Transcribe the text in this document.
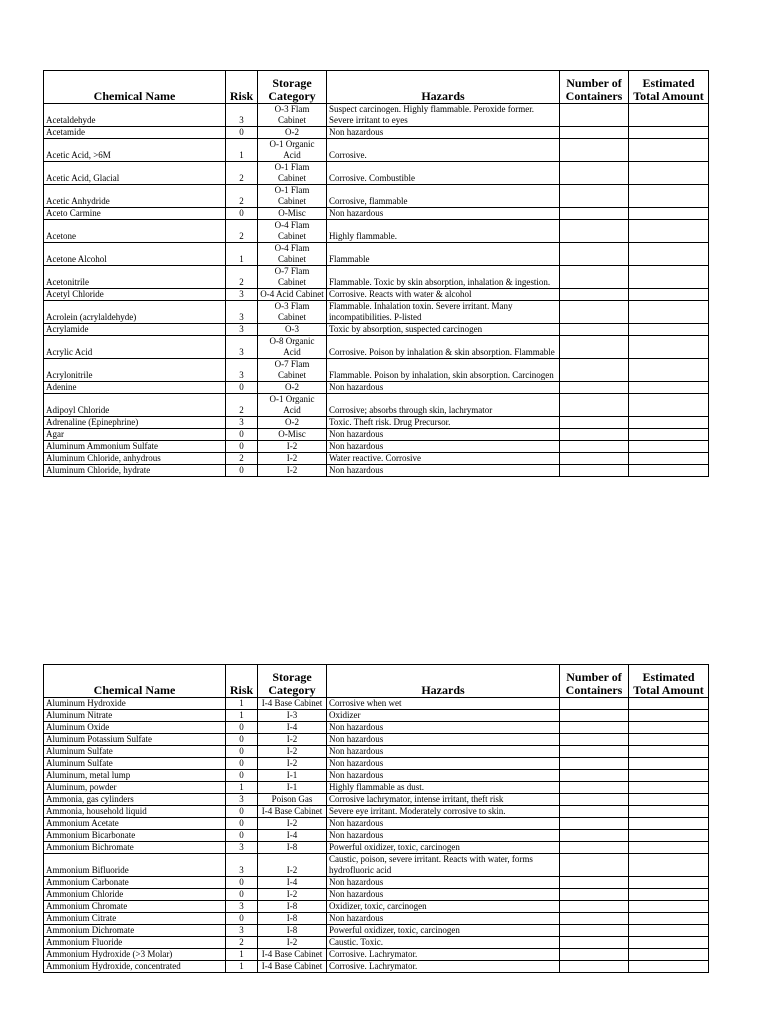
Chemical Name	Risk	Storage Category	Hazards	Number of Containers	Estimated Total Amount
Acetaldehyde	3	O-3 Flam Cabinet	Suspect carcinogen. Highly flammable. Peroxide former. Severe irritant to eyes		
Acetamide	0	O-2	Non hazardous		
Acetic Acid, >6M	1	O-1 Organic Acid	Corrosive.		
Acetic Acid, Glacial	2	O-1 Flam Cabinet	Corrosive. Combustible		
Acetic Anhydride	2	O-1 Flam Cabinet	Corrosive, flammable		
Aceto Carmine	0	O-Misc	Non hazardous		
Acetone	2	O-4 Flam Cabinet	Highly flammable.		
Acetone Alcohol	1	O-4 Flam Cabinet	Flammable		
Acetonitrile	2	O-7 Flam Cabinet	Flammable. Toxic by skin absorption, inhalation & ingestion.		
Acetyl Chloride	3	O-4 Acid Cabinet	Corrosive. Reacts with water & alcohol		
Acrolein (acrylaldehyde)	3	O-3 Flam Cabinet	Flammable. Inhalation toxin. Severe irritant. Many incompatibilities. P-listed		
Acrylamide	3	O-3	Toxic by absorption, suspected carcinogen		
Acrylic Acid	3	O-8 Organic Acid	Corrosive. Poison by inhalation & skin absorption. Flammable		
Acrylonitrile	3	O-7 Flam Cabinet	Flammable. Poison by inhalation, skin absorption. Carcinogen		
Adenine	0	O-2	Non hazardous		
Adipoyl Chloride	2	O-1 Organic Acid	Corrosive; absorbs through skin, lachrymator		
Adrenaline (Epinephrine)	3	O-2	Toxic. Theft risk. Drug Precursor.		
Agar	0	O-Misc	Non hazardous		
Aluminum Ammonium Sulfate	0	I-2	Non hazardous		
Aluminum Chloride, anhydrous	2	I-2	Water reactive. Corrosive		
Aluminum Chloride, hydrate	0	I-2	Non hazardous		
Chemical Name	Risk	Storage Category	Hazards	Number of Containers	Estimated Total Amount
Aluminum Hydroxide	1	I-4 Base Cabinet	Corrosive when wet		
Aluminum Nitrate	1	I-3	Oxidizer		
Aluminum Oxide	0	I-4	Non hazardous		
Aluminum Potassium Sulfate	0	I-2	Non hazardous		
Aluminum Sulfate	0	I-2	Non hazardous		
Aluminum Sulfate	0	I-2	Non hazardous		
Aluminum, metal lump	0	I-1	Non hazardous		
Aluminum, powder	1	I-1	Highly flammable as dust.		
Ammonia, gas cylinders	3	Poison Gas	Corrosive lachrymator, intense irritant, theft risk		
Ammonia, household liquid	0	I-4 Base Cabinet	Severe eye irritant. Moderately corrosive to skin.		
Ammonium Acetate	0	I-2	Non hazardous		
Ammonium Bicarbonate	0	I-4	Non hazardous		
Ammonium Bichromate	3	I-8	Powerful oxidizer, toxic, carcinogen		
Ammonium Bifluoride	3	I-2	Caustic, poison, severe irritant. Reacts with water, forms hydrofluoric acid		
Ammonium Carbonate	0	I-4	Non hazardous		
Ammonium Chloride	0	I-2	Non hazardous		
Ammonium Chromate	3	I-8	Oxidizer, toxic, carcinogen		
Ammonium Citrate	0	I-8	Non hazardous		
Ammonium Dichromate	3	I-8	Powerful oxidizer, toxic, carcinogen		
Ammonium Fluoride	2	I-2	Caustic. Toxic.		
Ammonium Hydroxide (>3 Molar)	1	I-4 Base Cabinet	Corrosive. Lachrymator.		
Ammonium Hydroxide, concentrated	1	I-4 Base Cabinet	Corrosive. Lachrymator.		
